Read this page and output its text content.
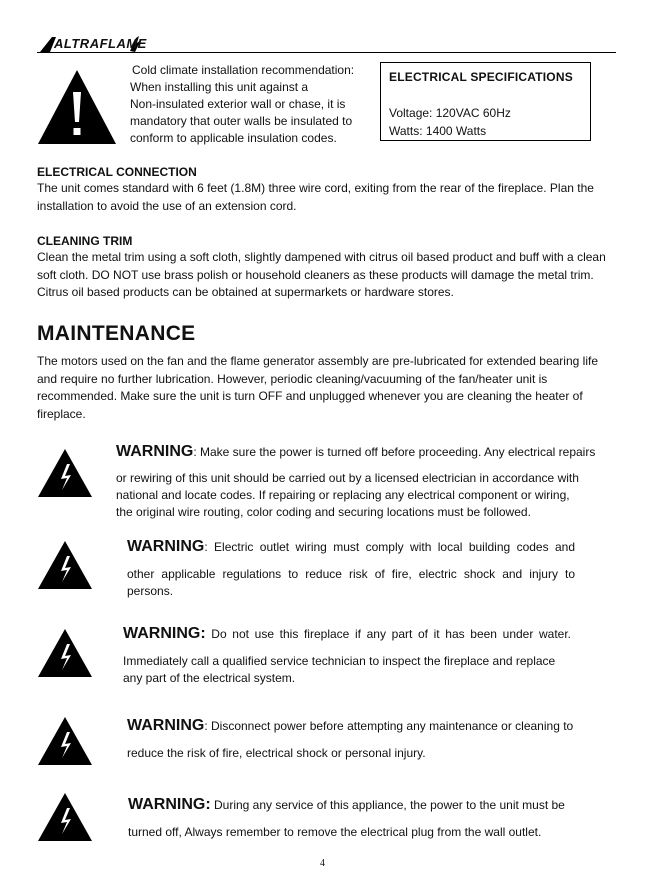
ALTRAFLAME
Cold climate installation recommendation:
When installing this unit against a
Non-insulated exterior wall or chase, it is
mandatory that outer walls be insulated to
conform to applicable insulation codes.
ELECTRICAL SPECIFICATIONS
Voltage: 120VAC 60Hz
Watts: 1400 Watts
ELECTRICAL CONNECTION
The unit comes standard with 6 feet (1.8M) three wire cord, exiting from the rear of the fireplace. Plan the
installation to avoid the use of an extension cord.
CLEANING TRIM
Clean the metal trim using a soft cloth, slightly dampened with citrus oil based product and buff with a clean
soft cloth. DO NOT use brass polish or household cleaners as these products will damage the metal trim.
Citrus oil based products can be obtained at supermarkets or hardware stores.
MAINTENANCE
The motors used on the fan and the flame generator assembly are pre-lubricated for extended bearing life
and require no further lubrication. However, periodic cleaning/vacuuming of the fan/heater unit is
recommended. Make sure the unit is turn OFF and unplugged whenever you are cleaning the heater of
fireplace.
WARNING: Make sure the power is turned off before proceeding. Any electrical repairs
or rewiring of this unit should be carried out by a licensed electrician in accordance with
national and locate codes. If repairing or replacing any electrical component or wiring,
the original wire routing, color coding and securing locations must be followed.
WARNING: Electric outlet wiring must comply with local building codes and
other applicable regulations to reduce risk of fire, electric shock and injury to
persons.
WARNING: Do not use this fireplace if any part of it has been under water.
Immediately call a qualified service technician to inspect the fireplace and replace
any part of the electrical system.
WARNING: Disconnect power before attempting any maintenance or cleaning to
reduce the risk of fire, electrical shock or personal injury.
WARNING: During any service of this appliance, the power to the unit must be
turned off, Always remember to remove the electrical plug from the wall outlet.
4
